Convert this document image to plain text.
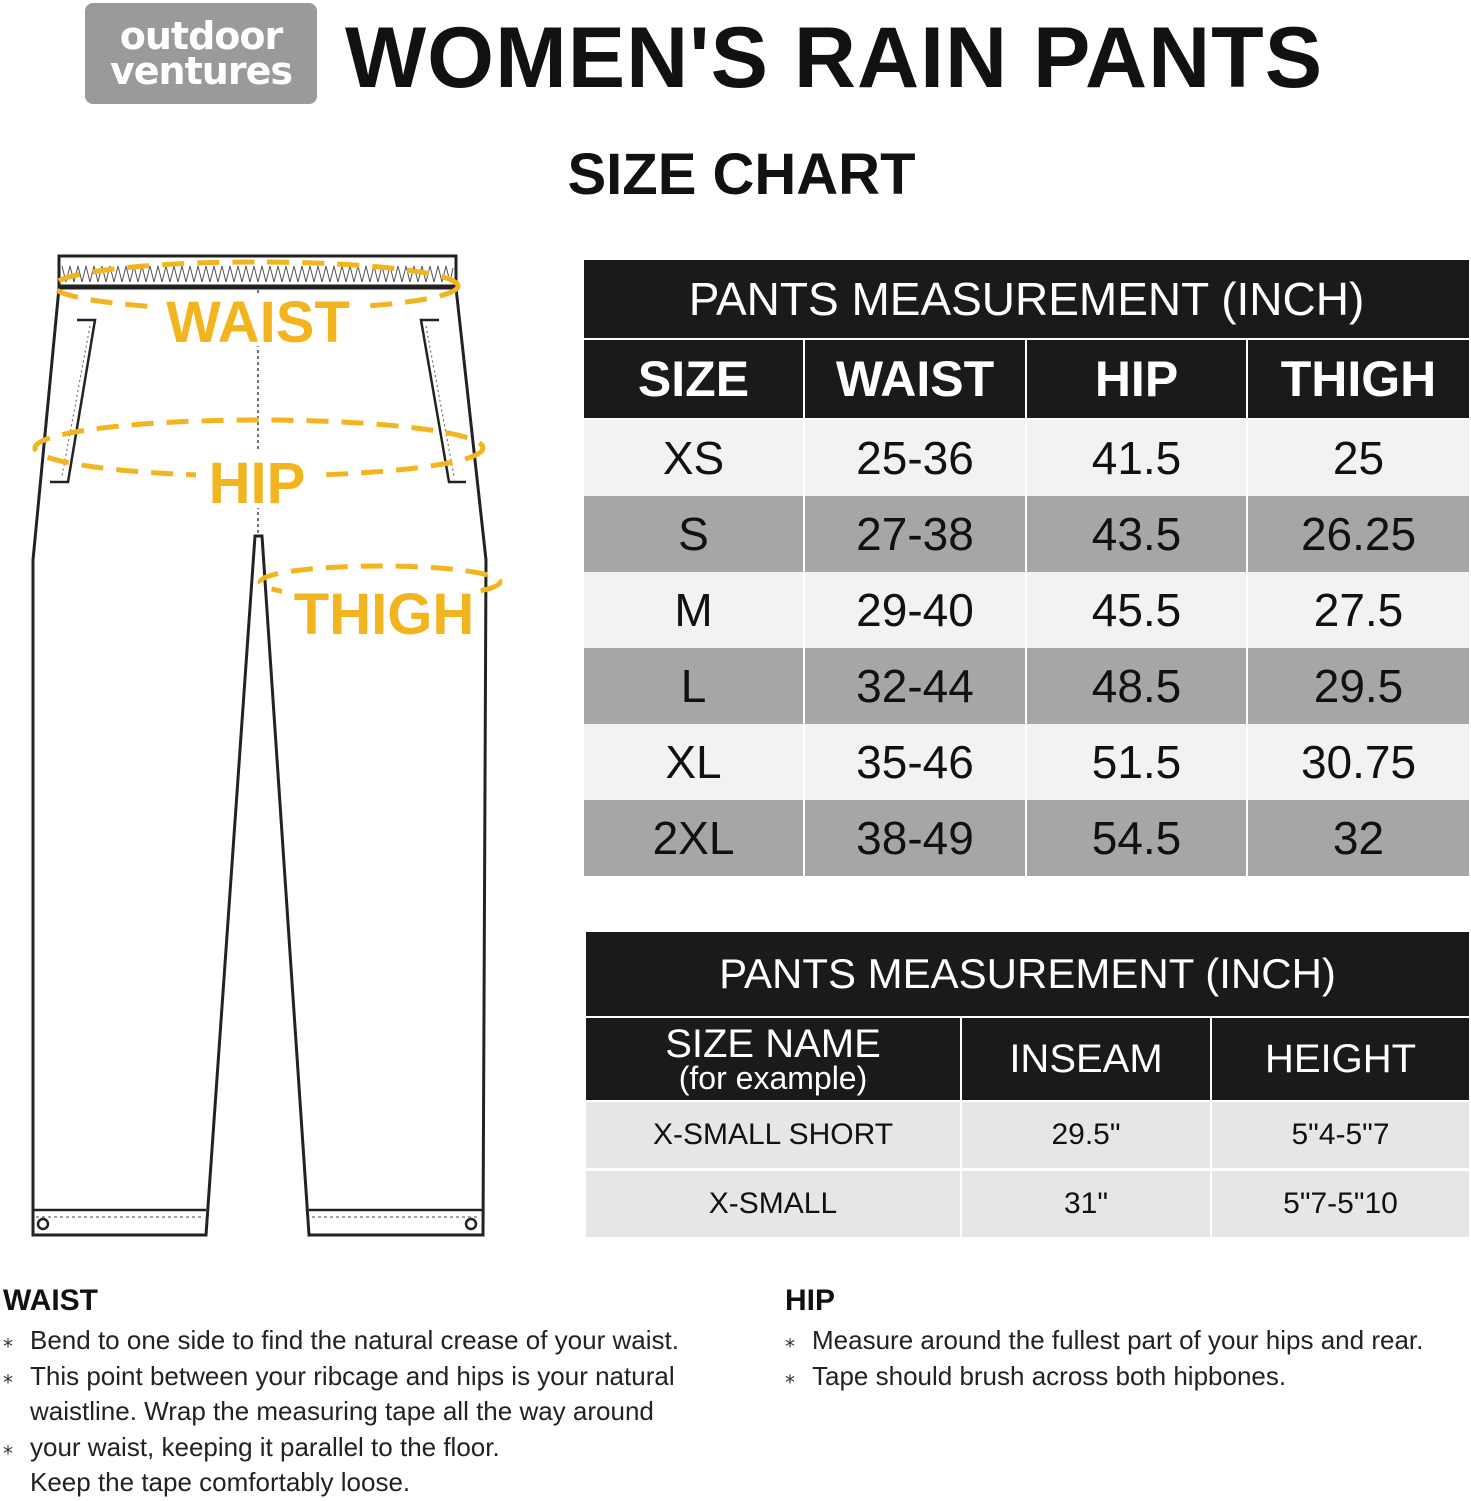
outdoor
ventures WOMEN'S RAIN PANTS
SIZE CHART
WAIST
HIP
THIGH
PANTS MEASUREMENT (INCH)			
SIZE	WAIST	HIP	THIGH
XS	25-36	41.5	25
S	27-38	43.5	26.25
M	29-40	45.5	27.5
L	32-44	48.5	29.5
XL	35-46	51.5	30.75
2XL	38-49	54.5	32
PANTS MEASUREMENT (INCH)		
SIZE NAME
(for example)	INSEAM	HEIGHT
X-SMALL SHORT	29.5"	5"4-5"7
X-SMALL	31"	5"7-5"10
WAIST
⁎ Bend to one side to find the natural crease of your waist.
⁎ This point between your ribcage and hips is your natural waistline. Wrap the measuring tape all the way around
⁎ your waist, keeping it parallel to the floor. Keep the tape comfortably loose.
HIP
⁎ Measure around the fullest part of your hips and rear.
⁎ Tape should brush across both hipbones.
